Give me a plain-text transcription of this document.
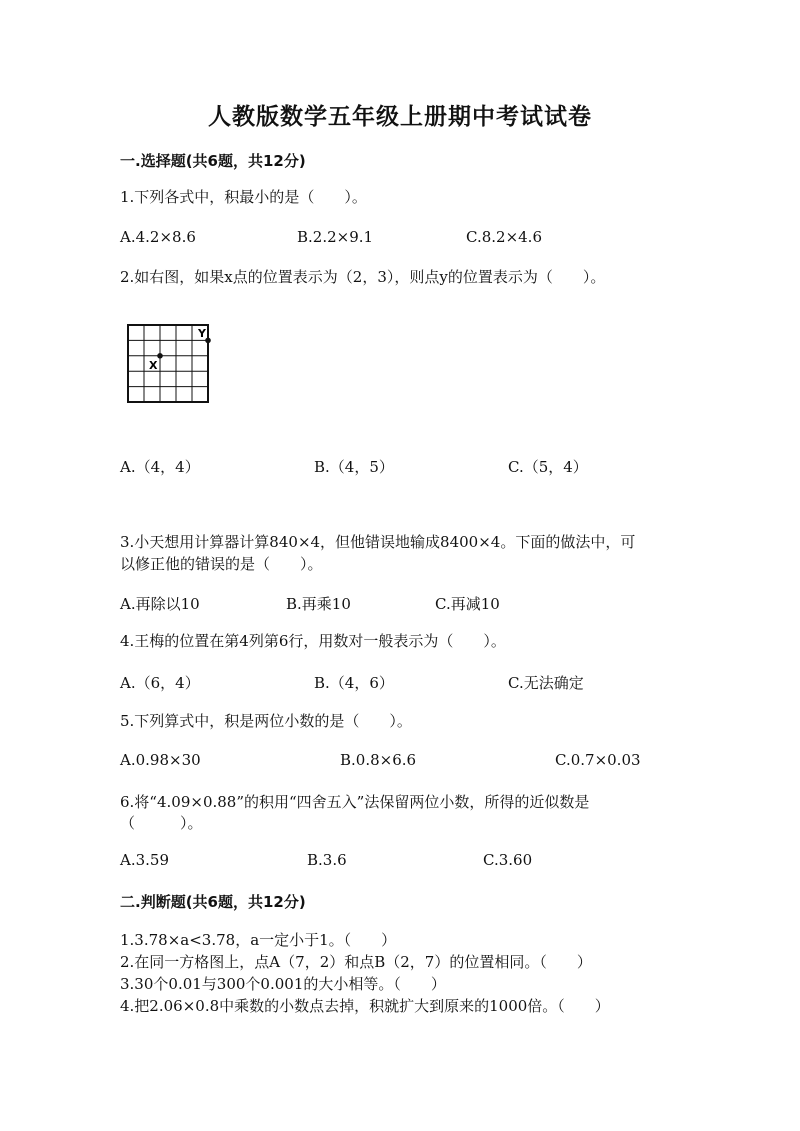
人教版数学五年级上册期中考试试卷
一.选择题(共6题，共12分)
1.下列各式中，积最小的是（　　）。
A.4.2×8.6	B.2.2×9.1	C.8.2×4.6
2.如右图，如果x点的位置表示为（2，3），则点y的位置表示为（　　）。
X
Y
A.（4，4）	B.（4，5）	C.（5，4）
3.小天想用计算器计算840×4，但他错误地输成8400×4。下面的做法中，可
以修正他的错误的是（　　）。
A.再除以10	B.再乘10	C.再减10
4.王梅的位置在第4列第6行，用数对一般表示为（　　）。
A.（6，4）	B.（4，6）	C.无法确定
5.下列算式中，积是两位小数的是（　　）。
A.0.98×30	B.0.8×6.6	C.0.7×0.03
6.将“4.09×0.88”的积用“四舍五入”法保留两位小数，所得的近似数是
（　　　）。
A.3.59	B.3.6	C.3.60
二.判断题(共6题，共12分)
1.3.78×a<3.78，a一定小于1。（　　）
2.在同一方格图上，点A（7，2）和点B（2，7）的位置相同。（　　）
3.30个0.01与300个0.001的大小相等。（　　）
4.把2.06×0.8中乘数的小数点去掉，积就扩大到原来的1000倍。（　　）
